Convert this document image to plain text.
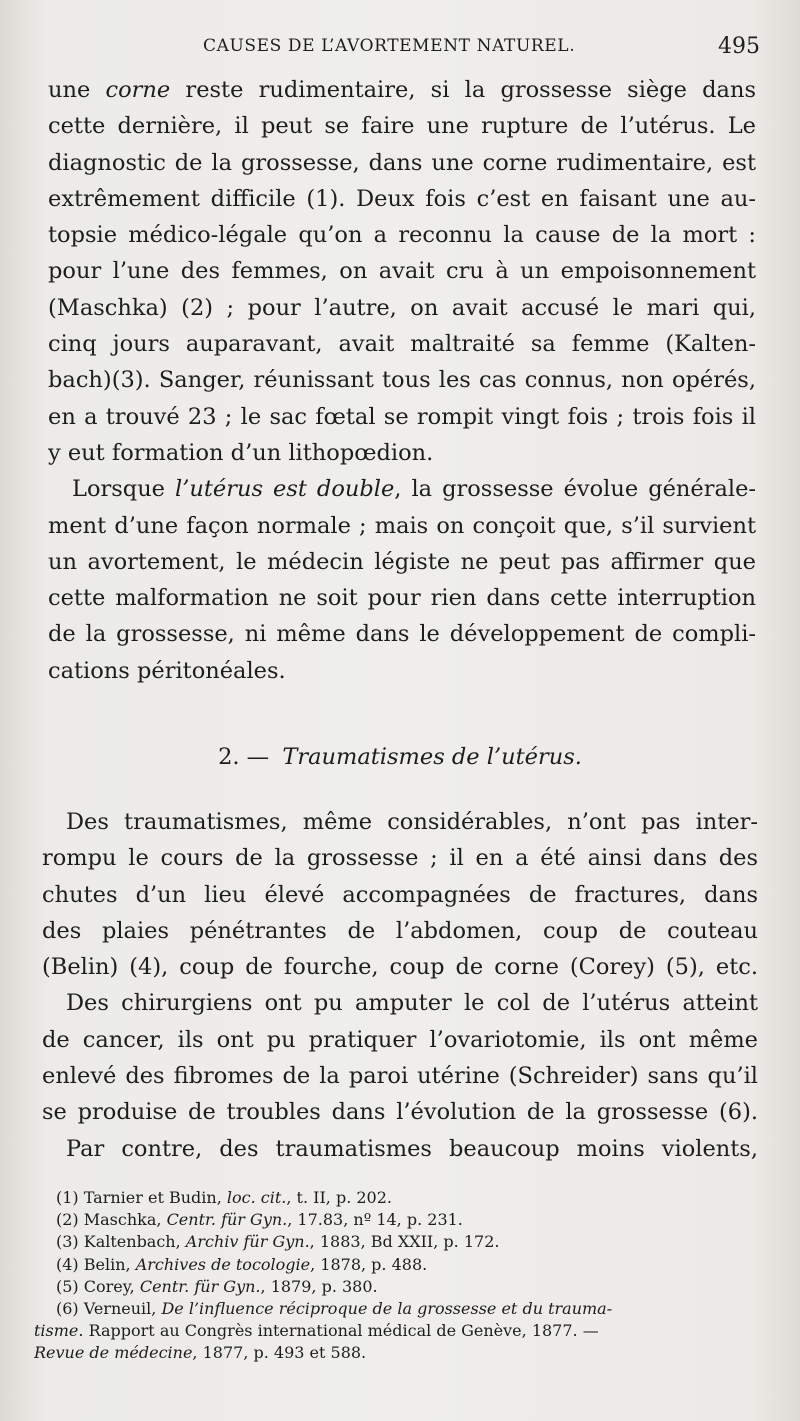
CAUSES DE L’AVORTEMENT NATUREL.	495
une corne reste rudimentaire, si la grossesse siège dans
cette dernière, il peut se faire une rupture de l’utérus. Le
diagnostic de la grossesse, dans une corne rudimentaire, est
extrêmement difficile (1). Deux fois c’est en faisant une au-
topsie médico-légale qu’on a reconnu la cause de la mort :
pour l’une des femmes, on avait cru à un empoisonnement
(Maschka) (2) ; pour l’autre, on avait accusé le mari qui,
cinq jours auparavant, avait maltraité sa femme (Kalten-
bach)(3). Sanger, réunissant tous les cas connus, non opérés,
en a trouvé 23 ; le sac fœtal se rompit vingt fois ; trois fois il
y eut formation d’un lithopœdion.
Lorsque l’utérus est double, la grossesse évolue générale-
ment d’une façon normale ; mais on conçoit que, s’il survient
un avortement, le médecin légiste ne peut pas affirmer que
cette malformation ne soit pour rien dans cette interruption
de la grossesse, ni même dans le développement de compli-
cations péritonéales.
2. — Traumatismes de l’utérus.
Des traumatismes, même considérables, n’ont pas inter-
rompu le cours de la grossesse ; il en a été ainsi dans des
chutes d’un lieu élevé accompagnées de fractures, dans
des plaies pénétrantes de l’abdomen, coup de couteau
(Belin) (4), coup de fourche, coup de corne (Corey) (5), etc.
Des chirurgiens ont pu amputer le col de l’utérus atteint
de cancer, ils ont pu pratiquer l’ovariotomie, ils ont même
enlevé des fibromes de la paroi utérine (Schreider) sans qu’il
se produise de troubles dans l’évolution de la grossesse (6).
Par contre, des traumatismes beaucoup moins violents,
(1) Tarnier et Budin, loc. cit., t. II, p. 202.
(2) Maschka, Centr. für Gyn., 17.83, nº 14, p. 231.
(3) Kaltenbach, Archiv für Gyn., 1883, Bd XXII, p. 172.
(4) Belin, Archives de tocologie, 1878, p. 488.
(5) Corey, Centr. für Gyn., 1879, p. 380.
(6) Verneuil, De l’influence réciproque de la grossesse et du trauma-
tisme. Rapport au Congrès international médical de Genève, 1877. —
Revue de médecine, 1877, p. 493 et 588.
